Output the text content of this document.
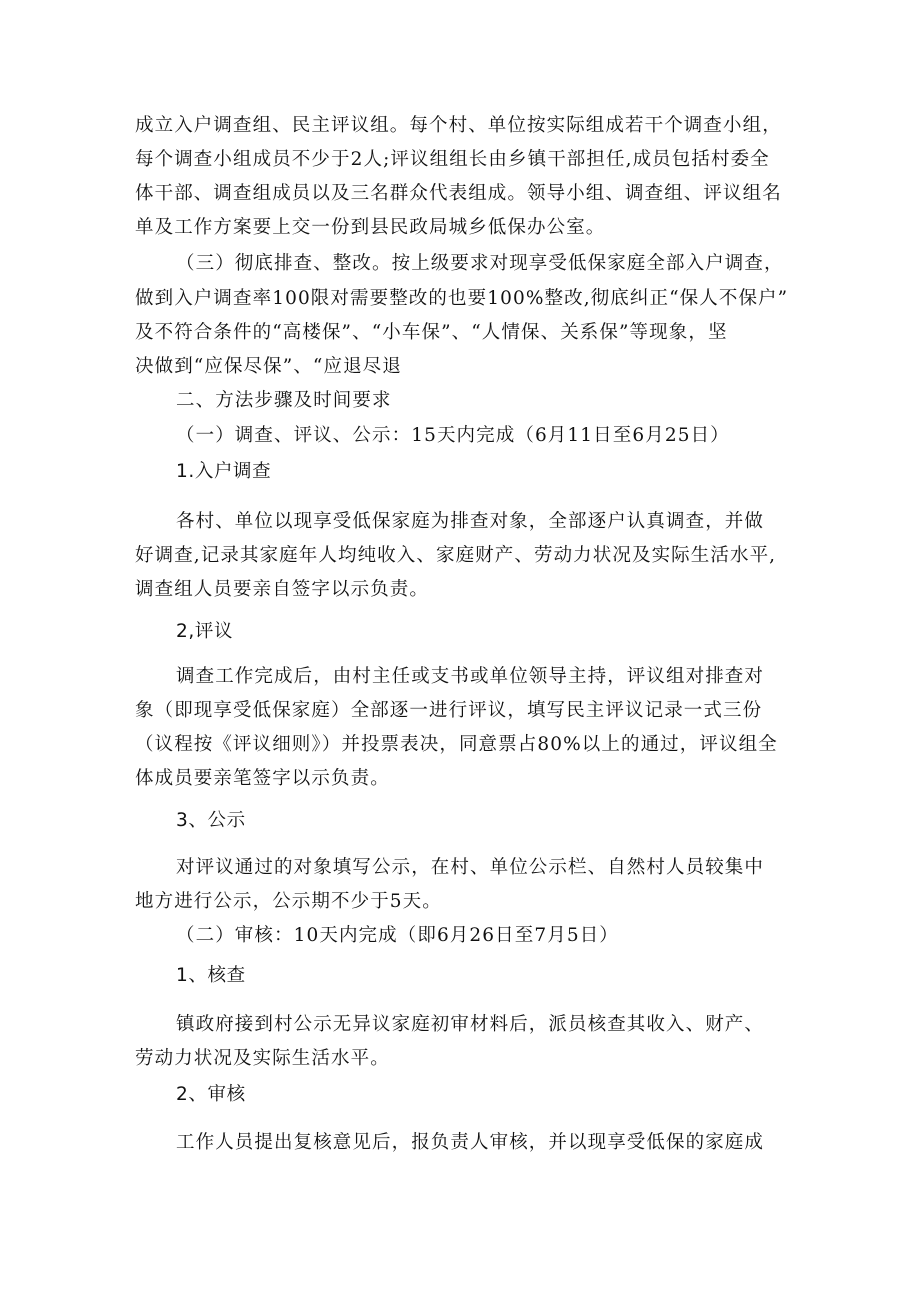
成立入户调查组、民主评议组。每个村、单位按实际组成若干个调查小组，

每个调查小组成员不少于2人;评议组组长由乡镇干部担任,成员包括村委全

体干部、调查组成员以及三名群众代表组成。领导小组、调查组、评议组名

单及工作方案要上交一份到县民政局城乡低保办公室。

（三）彻底排查、整改。按上级要求对现享受低保家庭全部入户调查，

做到入户调查率100限对需要整改的也要100%整改,彻底纠正“保人不保户”

及不符合条件的“高楼保”、“小车保”、“人情保、关系保”等现象，坚

决做到“应保尽保”、“应退尽退

二、方法步骤及时间要求

（一）调查、评议、公示：15天内完成（6月11日至6月25日）

1.入户调查

各村、单位以现享受低保家庭为排查对象，全部逐户认真调查，并做

好调查,记录其家庭年人均纯收入、家庭财产、劳动力状况及实际生活水平,

调查组人员要亲自签字以示负责。

2,评议

调查工作完成后，由村主任或支书或单位领导主持，评议组对排查对

象（即现享受低保家庭）全部逐一进行评议，填写民主评议记录一式三份

（议程按《评议细则》）并投票表决，同意票占80%以上的通过，评议组全

体成员要亲笔签字以示负责。

3、公示

对评议通过的对象填写公示，在村、单位公示栏、自然村人员较集中

地方进行公示，公示期不少于5天。

（二）审核：10天内完成（即6月26日至7月5日）

1、核查

镇政府接到村公示无异议家庭初审材料后，派员核查其收入、财产、

劳动力状况及实际生活水平。

2、审核

工作人员提出复核意见后，报负责人审核，并以现享受低保的家庭成
